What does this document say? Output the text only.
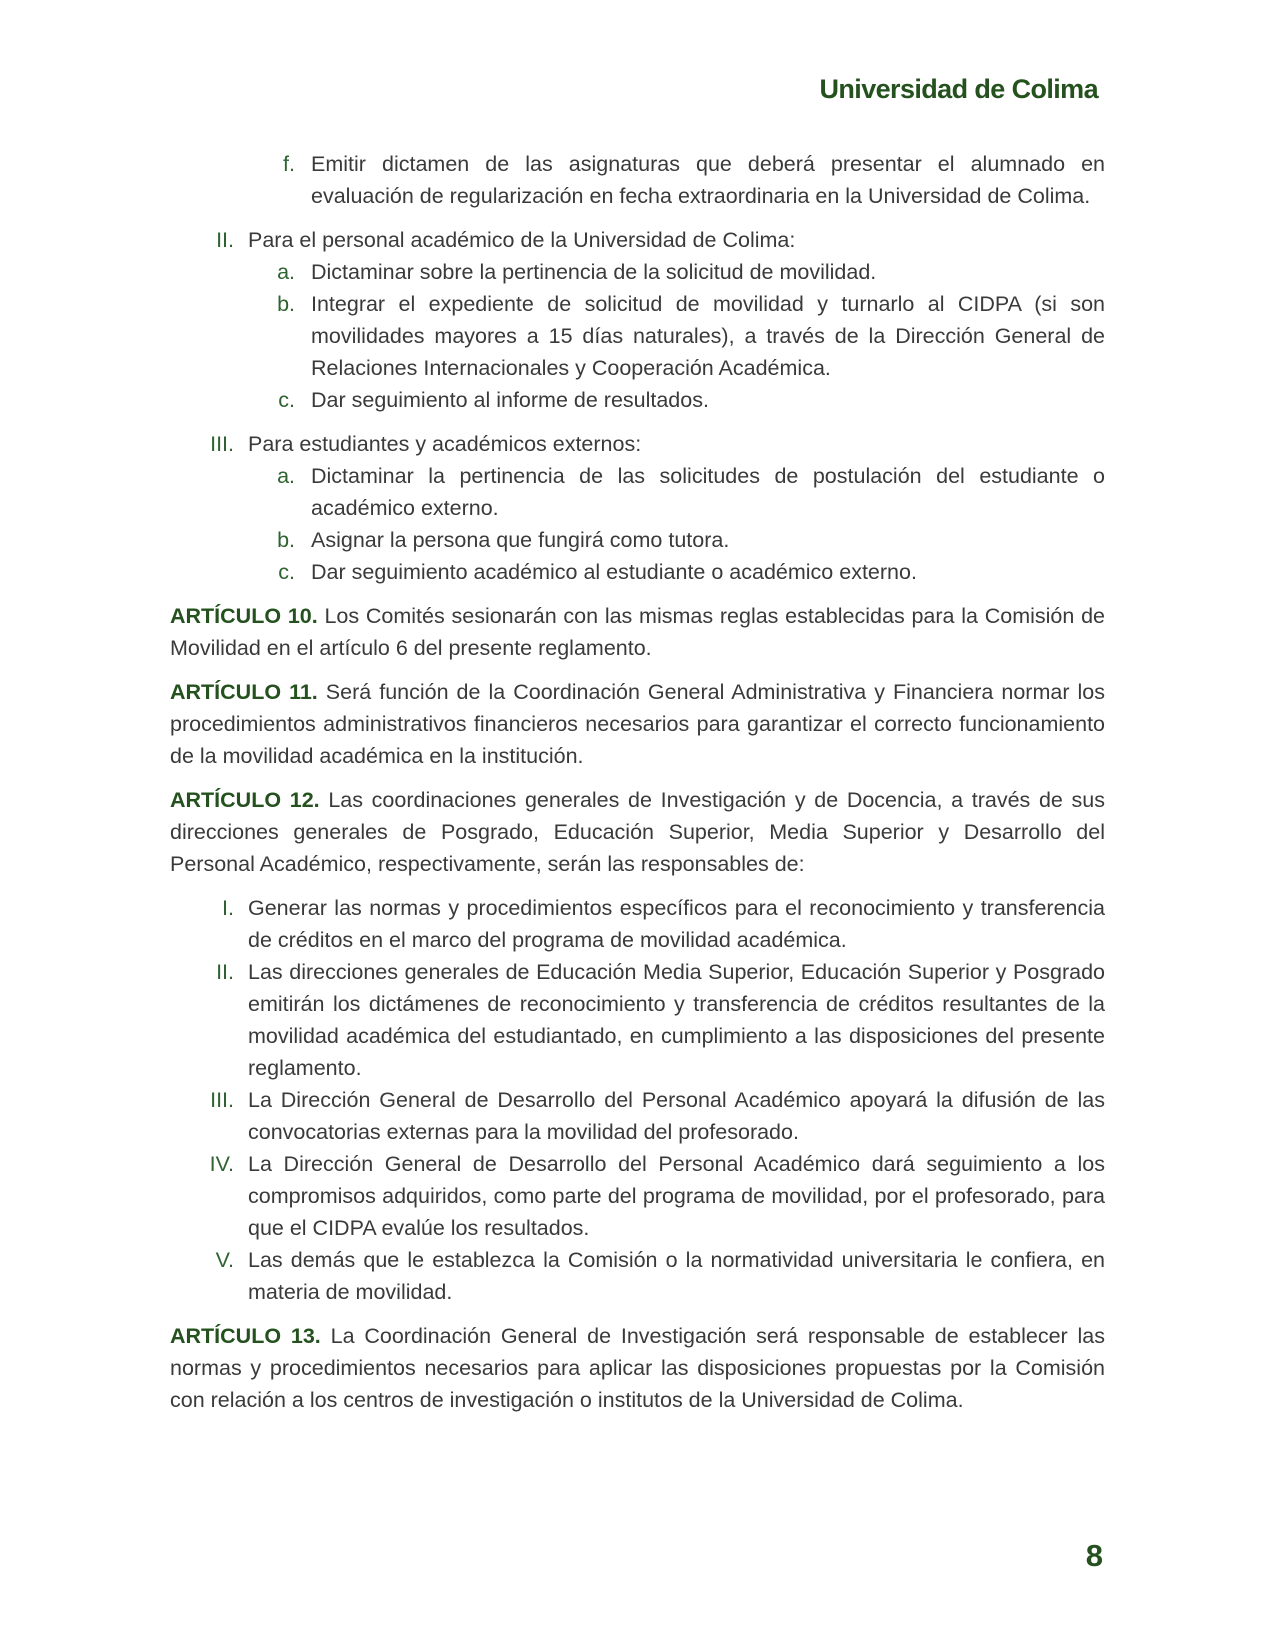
Universidad de Colima
f. Emitir dictamen de las asignaturas que deberá presentar el alumnado en evaluación de regularización en fecha extraordinaria en la Universidad de Colima.
II. Para el personal académico de la Universidad de Colima:
a. Dictaminar sobre la pertinencia de la solicitud de movilidad.
b. Integrar el expediente de solicitud de movilidad y turnarlo al CIDPA (si son movilidades mayores a 15 días naturales), a través de la Dirección General de Relaciones Internacionales y Cooperación Académica.
c. Dar seguimiento al informe de resultados.
III. Para estudiantes y académicos externos:
a. Dictaminar la pertinencia de las solicitudes de postulación del estudiante o académico externo.
b. Asignar la persona que fungirá como tutora.
c. Dar seguimiento académico al estudiante o académico externo.

ARTÍCULO 10. Los Comités sesionarán con las mismas reglas establecidas para la Comisión de Movilidad en el artículo 6 del presente reglamento.

ARTÍCULO 11. Será función de la Coordinación General Administrativa y Financiera normar los procedimientos administrativos financieros necesarios para garantizar el correcto funcionamiento de la movilidad académica en la institución.

ARTÍCULO 12. Las coordinaciones generales de Investigación y de Docencia, a través de sus direcciones generales de Posgrado, Educación Superior, Media Superior y Desarrollo del Personal Académico, respectivamente, serán las responsables de:

I. Generar las normas y procedimientos específicos para el reconocimiento y transferencia de créditos en el marco del programa de movilidad académica.
II. Las direcciones generales de Educación Media Superior, Educación Superior y Posgrado emitirán los dictámenes de reconocimiento y transferencia de créditos resultantes de la movilidad académica del estudiantado, en cumplimiento a las disposiciones del presente reglamento.
III. La Dirección General de Desarrollo del Personal Académico apoyará la difusión de las convocatorias externas para la movilidad del profesorado.
IV. La Dirección General de Desarrollo del Personal Académico dará seguimiento a los compromisos adquiridos, como parte del programa de movilidad, por el profesorado, para que el CIDPA evalúe los resultados.
V. Las demás que le establezca la Comisión o la normatividad universitaria le confiera, en materia de movilidad.

ARTÍCULO 13. La Coordinación General de Investigación será responsable de establecer las normas y procedimientos necesarios para aplicar las disposiciones propuestas por la Comisión con relación a los centros de investigación o institutos de la Universidad de Colima.

8
